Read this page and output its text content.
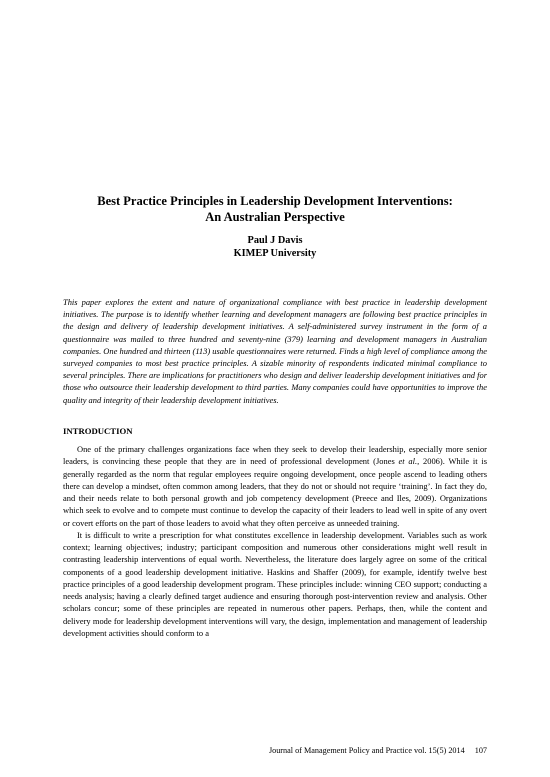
Best Practice Principles in Leadership Development Interventions:
An Australian Perspective
Paul J Davis
KIMEP University

This paper explores the extent and nature of organizational compliance with best practice in leadership development initiatives. The purpose is to identify whether learning and development managers are following best practice principles in the design and delivery of leadership development initiatives. A self-administered survey instrument in the form of a questionnaire was mailed to three hundred and seventy-nine (379) learning and development managers in Australian companies. One hundred and thirteen (113) usable questionnaires were returned. Finds a high level of compliance among the surveyed companies to most best practice principles. A sizable minority of respondents indicated minimal compliance to several principles. There are implications for practitioners who design and deliver leadership development initiatives and for those who outsource their leadership development to third parties. Many companies could have opportunities to improve the quality and integrity of their leadership development initiatives.

INTRODUCTION

One of the primary challenges organizations face when they seek to develop their leadership, especially more senior leaders, is convincing these people that they are in need of professional development (Jones et al., 2006). While it is generally regarded as the norm that regular employees require ongoing development, once people ascend to leading others there can develop a mindset, often common among leaders, that they do not or should not require ‘training’. In fact they do, and their needs relate to both personal growth and job competency development (Preece and Iles, 2009). Organizations which seek to evolve and to compete must continue to develop the capacity of their leaders to lead well in spite of any overt or covert efforts on the part of those leaders to avoid what they often perceive as unneeded training.

It is difficult to write a prescription for what constitutes excellence in leadership development. Variables such as work context; learning objectives; industry; participant composition and numerous other considerations might well result in contrasting leadership interventions of equal worth. Nevertheless, the literature does largely agree on some of the critical components of a good leadership development initiative. Haskins and Shaffer (2009), for example, identify twelve best practice principles of a good leadership development program. These principles include: winning CEO support; conducting a needs analysis; having a clearly defined target audience and ensuring thorough post-intervention review and analysis. Other scholars concur; some of these principles are repeated in numerous other papers. Perhaps, then, while the content and delivery mode for leadership development interventions will vary, the design, implementation and management of leadership development activities should conform to a

Journal of Management Policy and Practice vol. 15(5) 2014 107
